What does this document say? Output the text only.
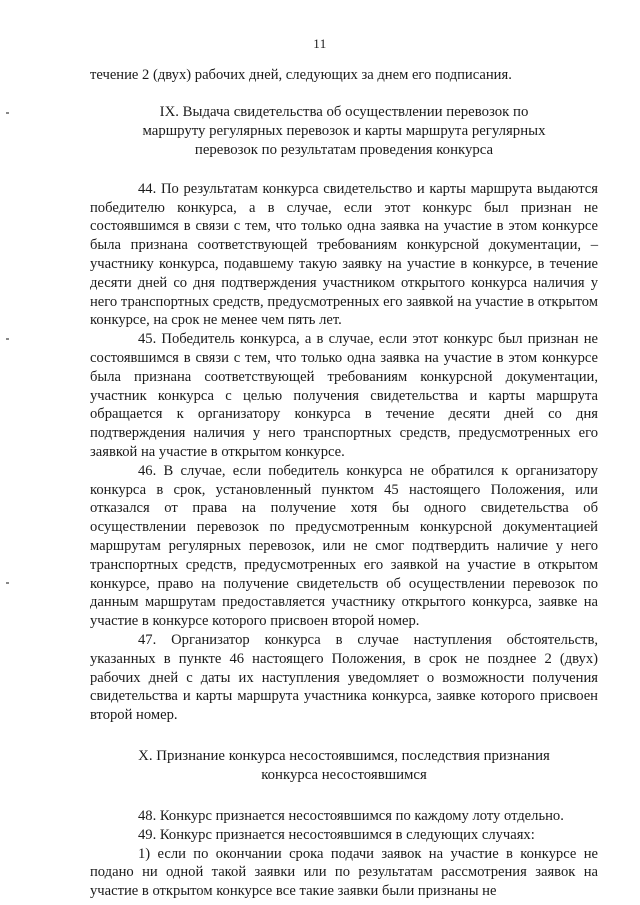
11

течение 2 (двух) рабочих дней, следующих за днем его подписания.

IX. Выдача свидетельства об осуществлении перевозок по
маршруту регулярных перевозок и карты маршрута регулярных
перевозок по результатам проведения конкурса

44. По результатам конкурса свидетельство и карты маршрута выдаются победителю конкурса, а в случае, если этот конкурс был признан не состоявшимся в связи с тем, что только одна заявка на участие в этом конкурсе была признана соответствующей требованиям конкурсной документации, – участнику конкурса, подавшему такую заявку на участие в конкурсе, в течение десяти дней со дня подтверждения участником открытого конкурса наличия у него транспортных средств, предусмотренных его заявкой на участие в открытом конкурсе, на срок не менее чем пять лет.

45. Победитель конкурса, а в случае, если этот конкурс был признан не состоявшимся в связи с тем, что только одна заявка на участие в этом конкурсе была признана соответствующей требованиям конкурсной документации, участник конкурса с целью получения свидетельства и карты маршрута обращается к организатору конкурса в течение десяти дней со дня подтверждения наличия у него транспортных средств, предусмотренных его заявкой на участие в открытом конкурсе.

46. В случае, если победитель конкурса не обратился к организатору конкурса в срок, установленный пунктом 45 настоящего Положения, или отказался от права на получение хотя бы одного свидетельства об осуществлении перевозок по предусмотренным конкурсной документацией маршрутам регулярных перевозок, или не смог подтвердить наличие у него транспортных средств, предусмотренных его заявкой на участие в открытом конкурсе, право на получение свидетельств об осуществлении перевозок по данным маршрутам предоставляется участнику открытого конкурса, заявке на участие в конкурсе которого присвоен второй номер.

47. Организатор конкурса в случае наступления обстоятельств, указанных в пункте 46 настоящего Положения, в срок не позднее 2 (двух) рабочих дней с даты их наступления уведомляет о возможности получения свидетельства и карты маршрута участника конкурса, заявке которого присвоен второй номер.

X. Признание конкурса несостоявшимся, последствия признания
конкурса несостоявшимся

48. Конкурс признается несостоявшимся по каждому лоту отдельно.

49. Конкурс признается несостоявшимся в следующих случаях:

1) если по окончании срока подачи заявок на участие в конкурсе не подано ни одной такой заявки или по результатам рассмотрения заявок на участие в открытом конкурсе все такие заявки были признаны не
